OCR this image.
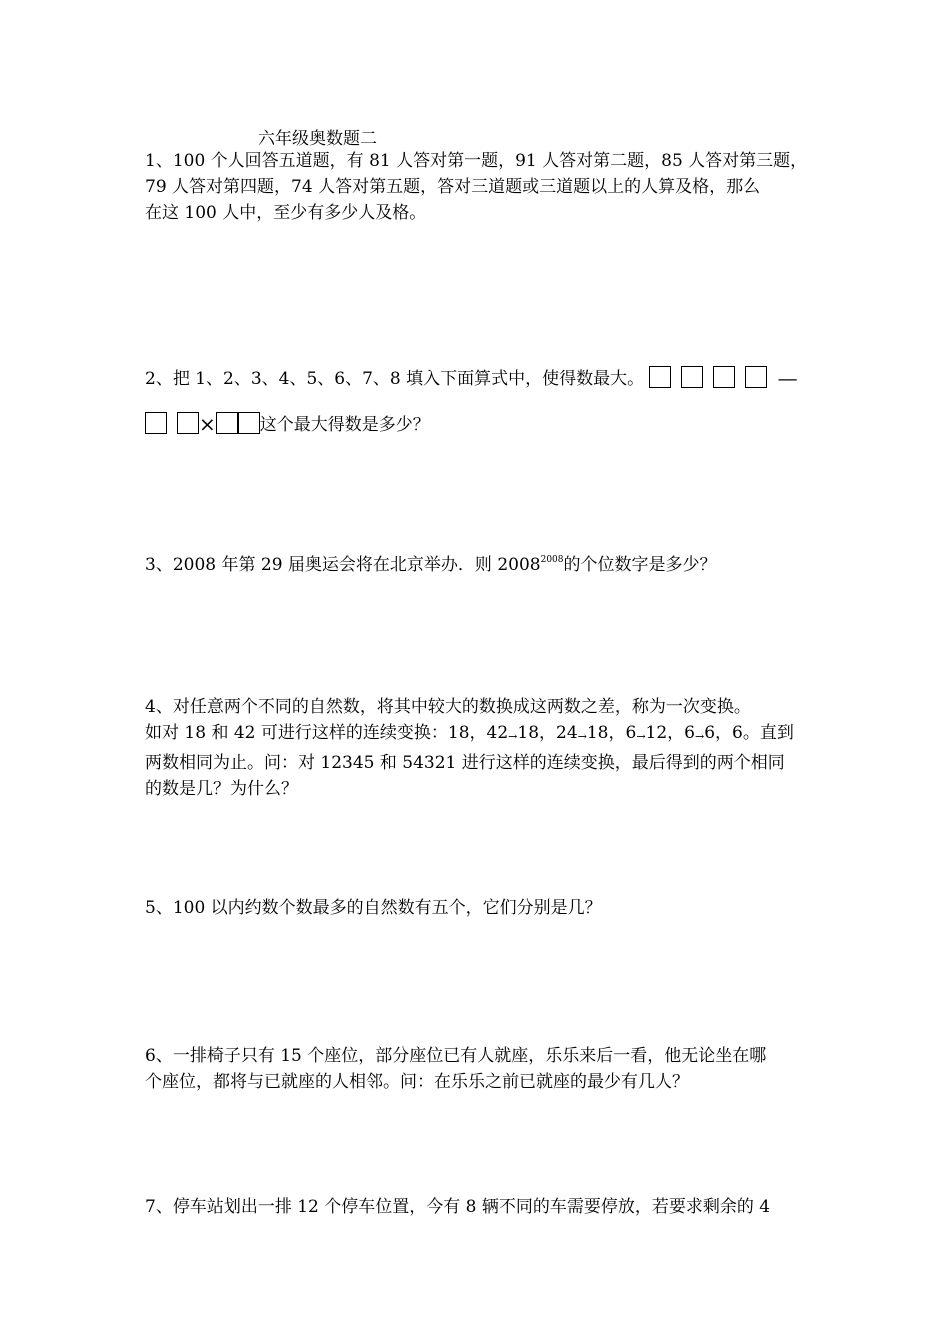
六年级奥数题二

1、100 个人回答五道题，有 81 人答对第一题，91 人答对第二题，85 人答对第三题，

79 人答对第四题，74 人答对第五题，答对三道题或三道题以上的人算及格，那么

在这 100 人中，至少有多少人及格。

2、把 1、2、3、4、5、6、7、8 填入下面算式中，使得数最大。	—
×	这个最大得数是多少？

3、2008 年第 29 届奥运会将在北京举办．则 $2008^{2008}$的个位数字是多少？

4、对任意两个不同的自然数，将其中较大的数换成这两数之差，称为一次变换。

如对 18 和 42 可进行这样的连续变换：18，42→18，24→18，6→12，6→6，6。直到

两数相同为止。问：对 12345 和 54321 进行这样的连续变换，最后得到的两个相同

的数是几？为什么？

5、100 以内约数个数最多的自然数有五个，它们分别是几？

6、一排椅子只有 15 个座位，部分座位已有人就座，乐乐来后一看，他无论坐在哪

个座位，都将与已就座的人相邻。问：在乐乐之前已就座的最少有几人？

7、停车站划出一排 12 个停车位置，今有 8 辆不同的车需要停放，若要求剩余的 4
